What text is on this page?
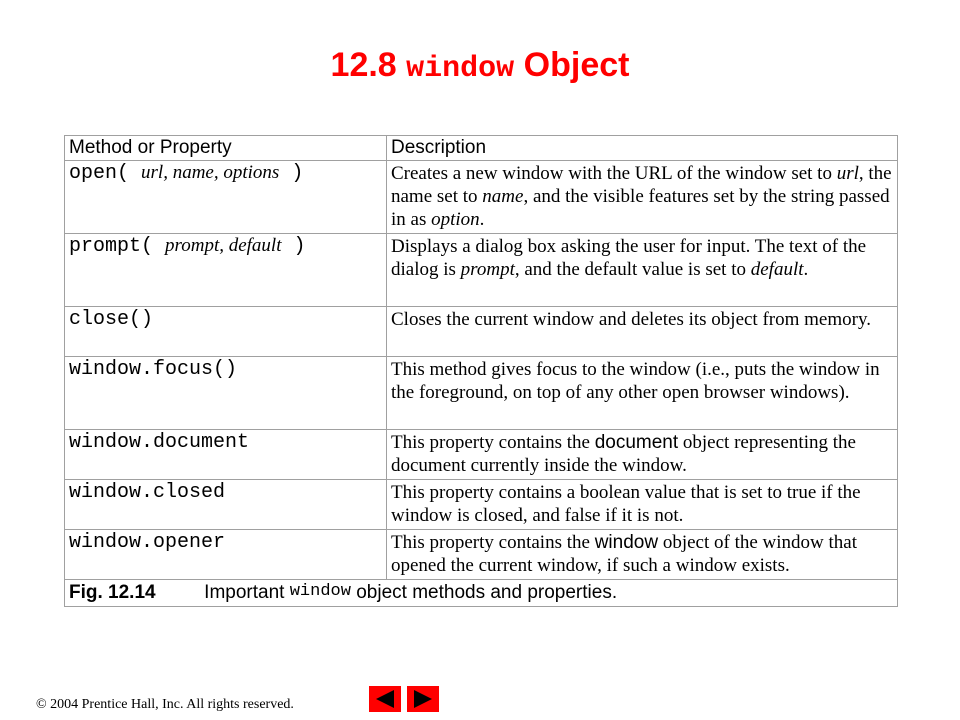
12.8 window Object
Method or Property	Description
open( url, name, options )	Creates a new window with the URL of the window set to url, the name set to name, and the visible features set by the string passed in as option.
prompt( prompt, default )	Displays a dialog box asking the user for input. The text of the dialog is prompt, and the default value is set to default.
close()	Closes the current window and deletes its object from memory.
window.focus()	This method gives focus to the window (i.e., puts the window in the foreground, on top of any other open browser windows).
window.document	This property contains the document object representing the document currently inside the window.
window.closed	This property contains a boolean value that is set to true if the window is closed, and false if it is not.
window.opener	This property contains the window object of the window that opened the current window, if such a window exists.
Fig. 12.14 Important window object methods and properties.	
© 2004 Prentice Hall, Inc. All rights reserved.
